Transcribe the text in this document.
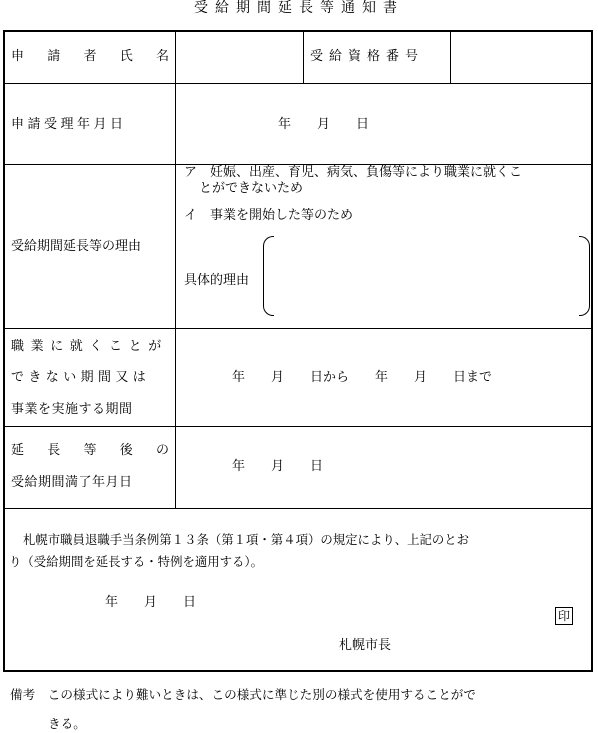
受給期間延長等通知書
申 請 者 氏 名	受給資格番号
申請受理年月日	年　　月　　日
受給期間延長等の理由
ア　妊娠、出産、育児、病気、負傷等により職業に就くこ
とができないため
イ　事業を開始した等のため
具体的理由
職業に就くことが
できない期間又は
事業を実施する期間
年　　月　　日から　　年　　月　　日まで
延 長 等 後 の
受給期間満了年月日
年　　月　　日
札幌市職員退職手当条例第１３条（第１項・第４項）の規定により、上記のとお
り（受給期間を延長する・特例を適用する）。
年　　月　　日
札幌市長
印
備考　この様式により難いときは、この様式に準じた別の様式を使用することがで
きる。
